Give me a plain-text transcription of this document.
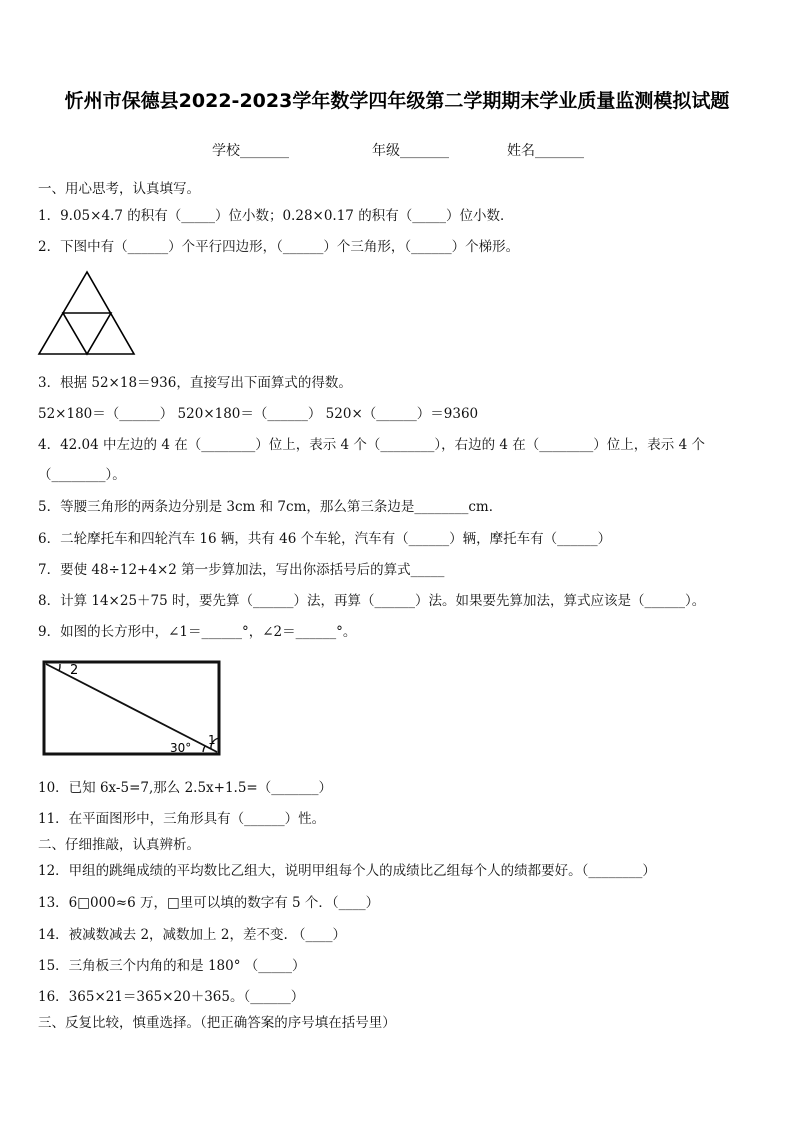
忻州市保德县2022-2023学年数学四年级第二学期期末学业质量监测模拟试题
学校_______	年级_______	姓名_______
一、用心思考，认真填写。
1．9.05×4.7 的积有（_____）位小数；0.28×0.17 的积有（_____）位小数．
2．下图中有（______）个平行四边形，（______）个三角形，（______）个梯形。
3．根据 52×18＝936，直接写出下面算式的得数。
52×180＝（______） 520×180＝（______） 520×（______）＝9360
4．42.04 中左边的 4 在（________）位上，表示 4 个（________），右边的 4 在（________）位上，表示 4 个
（________）。
5．等腰三角形的两条边分别是 3cm 和 7cm，那么第三条边是________cm．
6．二轮摩托车和四轮汽车 16 辆，共有 46 个车轮，汽车有（______）辆，摩托车有（______）
7．要使 48÷12+4×2 第一步算加法，写出你添括号后的算式_____
8．计算 14×25＋75 时，要先算（______）法，再算（______）法。如果要先算加法，算式应该是（______）。
9．如图的长方形中，∠1＝______°，∠2＝______°。
2
1
30°
10．已知 6x-5=7,那么 2.5x+1.5=（_______）
11．在平面图形中，三角形具有（______）性。
二、仔细推敲，认真辨析。
12．甲组的跳绳成绩的平均数比乙组大，说明甲组每个人的成绩比乙组每个人的绩都要好。（________）
13．6□000≈6 万，□里可以填的数字有 5 个．（____）
14．被减数减去 2，减数加上 2，差不变. （____）
15．三角板三个内角的和是 180° （_____）
16．365×21＝365×20＋365。（______）
三、反复比较，慎重选择。（把正确答案的序号填在括号里）
